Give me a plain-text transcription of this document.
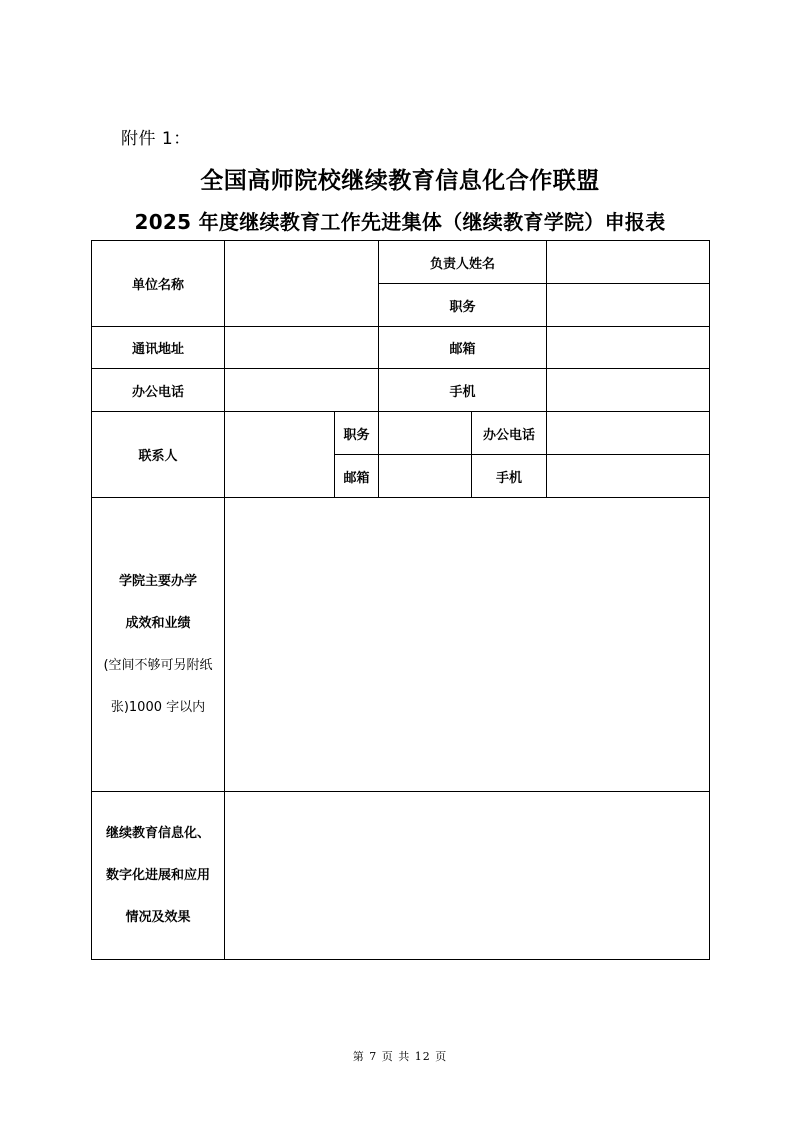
附件 1：
全国高师院校继续教育信息化合作联盟
2025 年度继续教育工作先进集体（继续教育学院）申报表
单位名称			负责人姓名		
			职务		
通讯地址			邮箱		
办公电话			手机		
联系人		职务		办公电话	
		邮箱		手机	

学院主要办学
成效和业绩
(空间不够可另附纸
张)1000 字以内					

继续教育信息化、
数字化进展和应用
情况及效果					

第 7 页 共 12 页
